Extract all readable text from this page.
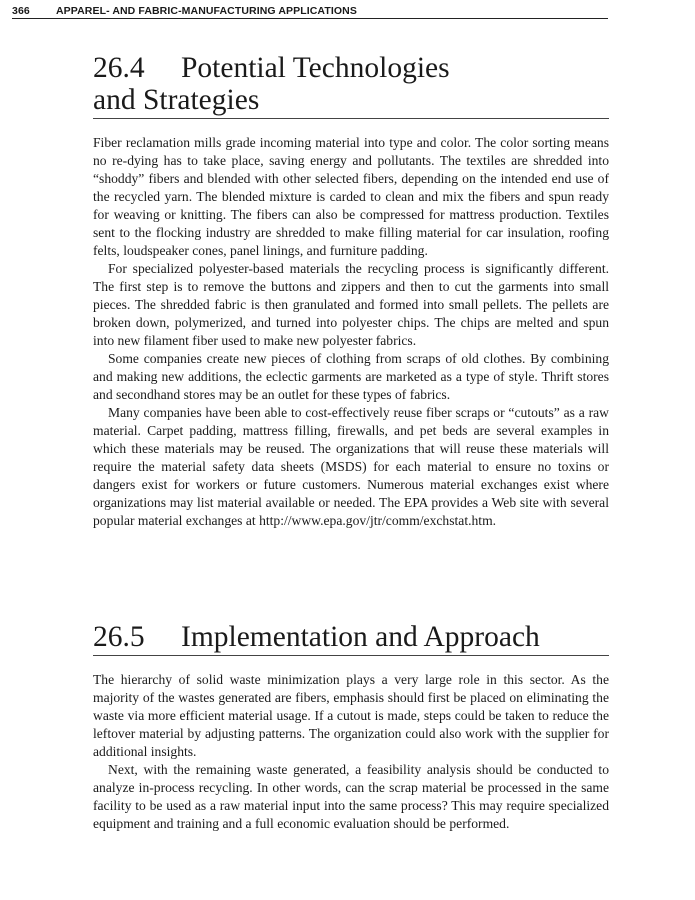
366 APPAREL- AND FABRIC-MANUFACTURING APPLICATIONS
26.4 Potential Technologies
and Strategies

Fiber reclamation mills grade incoming material into type and color. The color sorting means no re-dying has to take place, saving energy and pollutants. The textiles are shredded into “shoddy” fibers and blended with other selected fibers, depending on the intended end use of the recycled yarn. The blended mixture is carded to clean and mix the fibers and spun ready for weaving or knitting. The fibers can also be compressed for mattress production. Textiles sent to the flocking industry are shredded to make filling material for car insulation, roofing felts, loudspeaker cones, panel linings, and furniture padding.

For specialized polyester-based materials the recycling process is significantly different. The first step is to remove the buttons and zippers and then to cut the garments into small pieces. The shredded fabric is then granulated and formed into small pellets. The pellets are broken down, polymerized, and turned into polyester chips. The chips are melted and spun into new filament fiber used to make new polyester fabrics.

Some companies create new pieces of clothing from scraps of old clothes. By combining and making new additions, the eclectic garments are marketed as a type of style. Thrift stores and secondhand stores may be an outlet for these types of fabrics.

Many companies have been able to cost-effectively reuse fiber scraps or “cutouts” as a raw material. Carpet padding, mattress filling, firewalls, and pet beds are several examples in which these materials may be reused. The organizations that will reuse these materials will require the material safety data sheets (MSDS) for each material to ensure no toxins or dangers exist for workers or future customers. Numerous material exchanges exist where organizations may list material available or needed. The EPA provides a Web site with several popular material exchanges at http://www.epa.gov/jtr/comm/exchstat.htm.

26.5 Implementation and Approach

The hierarchy of solid waste minimization plays a very large role in this sector. As the majority of the wastes generated are fibers, emphasis should first be placed on eliminating the waste via more efficient material usage. If a cutout is made, steps could be taken to reduce the leftover material by adjusting patterns. The organization could also work with the supplier for additional insights.

Next, with the remaining waste generated, a feasibility analysis should be conducted to analyze in-process recycling. In other words, can the scrap material be processed in the same facility to be used as a raw material input into the same process? This may require specialized equipment and training and a full economic evaluation should be performed.
